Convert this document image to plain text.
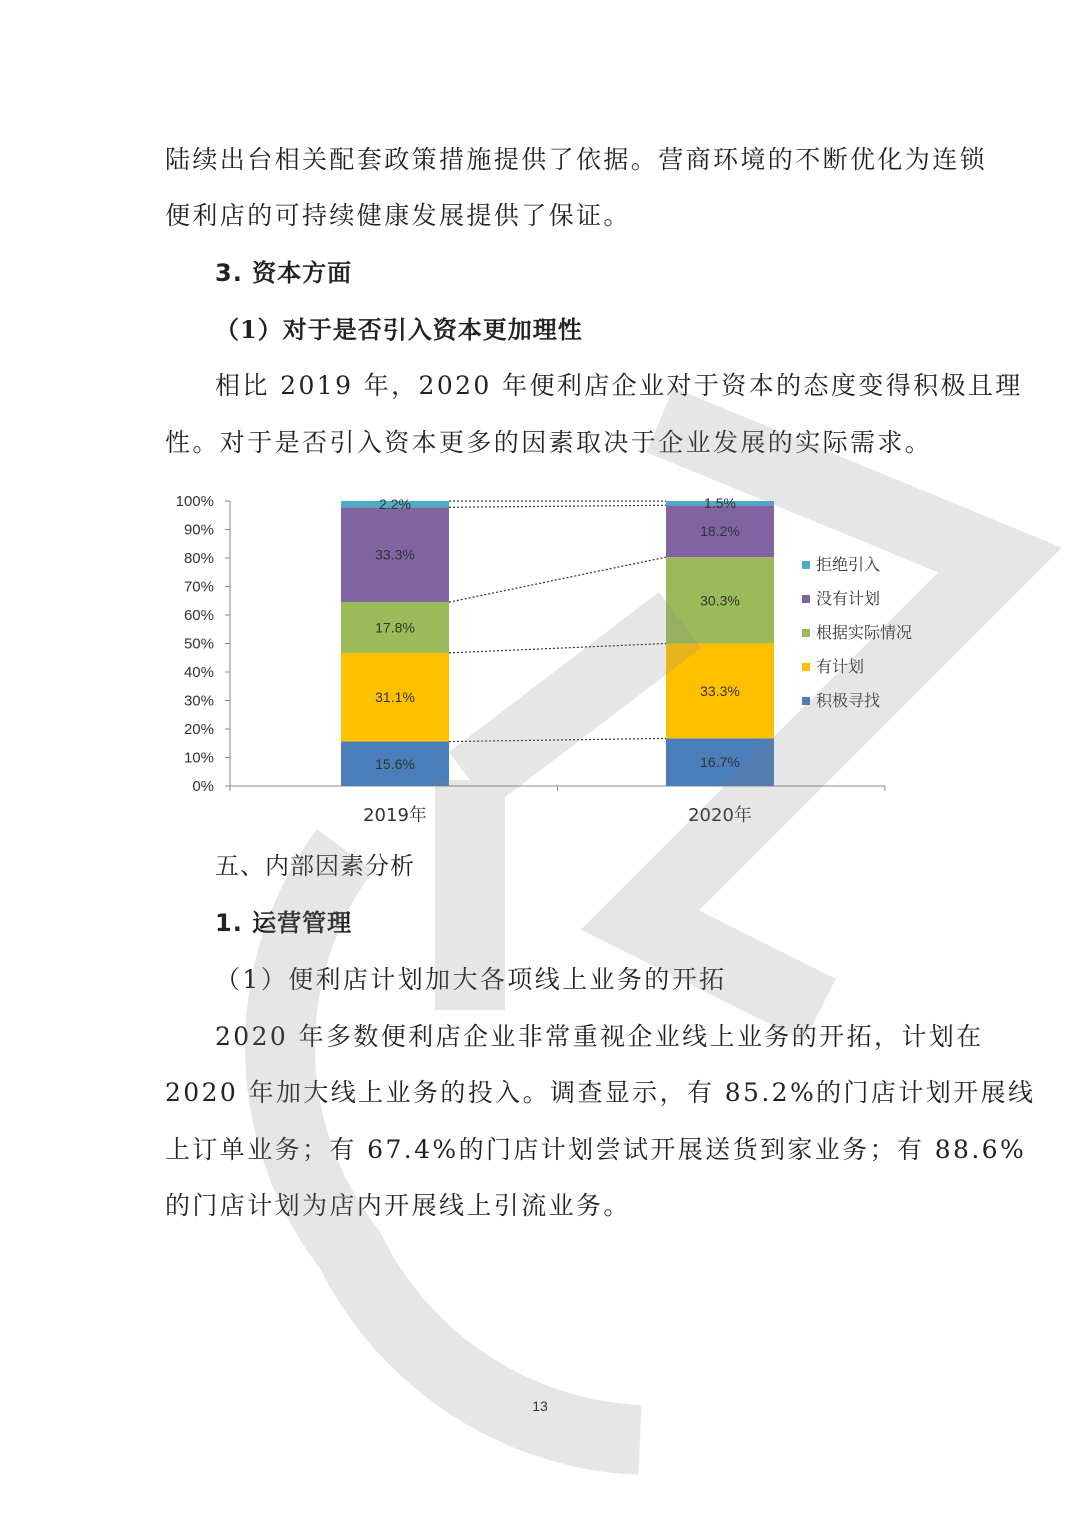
陆续出台相关配套政策措施提供了依据。营商环境的不断优化为连锁
便利店的可持续健康发展提供了保证。
3. 资本方面
（1）对于是否引入资本更加理性
相比 2019 年，2020 年便利店企业对于资本的态度变得积极且理
性。对于是否引入资本更多的因素取决于企业发展的实际需求。
0%
10%
20%
30%
40%
50%
60%
70%
80%
90%
100%
15.6%
31.1%
17.8%
33.3%
2.2%
2019年
16.7%
33.3%
30.3%
18.2%
1.5%
2020年
拒绝引入
没有计划
根据实际情况
有计划
积极寻找
五、内部因素分析
1. 运营管理
（1）便利店计划加大各项线上业务的开拓
2020 年多数便利店企业非常重视企业线上业务的开拓，计划在
2020 年加大线上业务的投入。调查显示，有 85.2%的门店计划开展线
上订单业务；有 67.4%的门店计划尝试开展送货到家业务；有 88.6%
的门店计划为店内开展线上引流业务。
13
